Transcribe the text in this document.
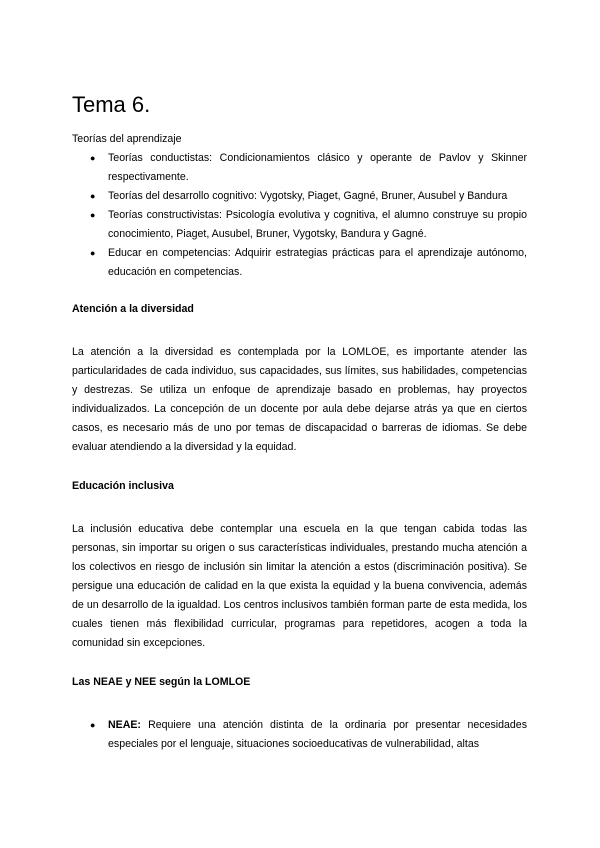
Tema 6.

Teorías del aprendizaje

● Teorías conductistas: Condicionamientos clásico y operante de Pavlov y Skinner respectivamente.
● Teorías del desarrollo cognitivo: Vygotsky, Piaget, Gagné, Bruner, Ausubel y Bandura
● Teorías constructivistas: Psicología evolutiva y cognitiva, el alumno construye su propio conocimiento, Piaget, Ausubel, Bruner, Vygotsky, Bandura y Gagné.
● Educar en competencias: Adquirir estrategias prácticas para el aprendizaje autónomo, educación en competencias.
Atención a la diversidad

La atención a la diversidad es contemplada por la LOMLOE, es importante atender las particularidades de cada individuo, sus capacidades, sus límites, sus habilidades, competencias y destrezas. Se utiliza un enfoque de aprendizaje basado en problemas, hay proyectos individualizados. La concepción de un docente por aula debe dejarse atrás ya que en ciertos casos, es necesario más de uno por temas de discapacidad o barreras de idiomas. Se debe evaluar atendiendo a la diversidad y la equidad.

Educación inclusiva

La inclusión educativa debe contemplar una escuela en la que tengan cabida todas las personas, sin importar su origen o sus características individuales, prestando mucha atención a los colectivos en riesgo de inclusión sin limitar la atención a estos (discriminación positiva). Se persigue una educación de calidad en la que exista la equidad y la buena convivencia, además de un desarrollo de la igualdad. Los centros inclusivos también forman parte de esta medida, los cuales tienen más flexibilidad curricular, programas para repetidores, acogen a toda la comunidad sin excepciones.

Las NEAE y NEE según la LOMLOE
● NEAE: Requiere una atención distinta de la ordinaria por presentar necesidades especiales por el lenguaje, situaciones socioeducativas de vulnerabilidad, altas
